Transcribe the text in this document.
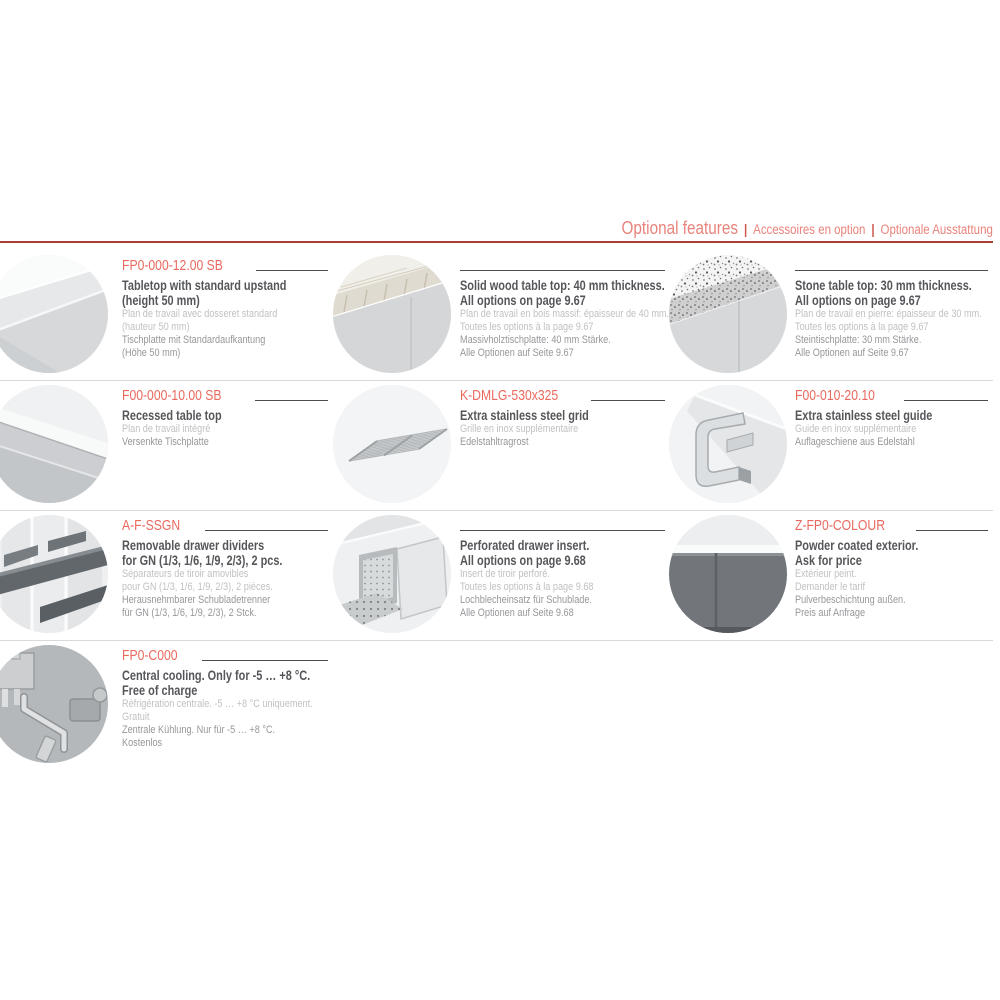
Optional features | Accessoires en option | Optionale Ausstattung
FP0-000-12.00 SB
Tabletop with standard upstand
(height 50 mm)
Plan de travail avec dosseret standard
(hauteur 50 mm)
Tischplatte mit Standardaufkantung
(Höhe 50 mm)
Solid wood table top: 40 mm thickness.
All options on page 9.67
Plan de travail en bois massif: épaisseur de 40 mm.
Toutes les options à la page 9.67
Massivholztischplatte: 40 mm Stärke.
Alle Optionen auf Seite 9.67
Stone table top: 30 mm thickness.
All options on page 9.67
Plan de travail en pierre: épaisseur de 30 mm.
Toutes les options à la page 9.67
Steintischplatte: 30 mm Stärke.
Alle Optionen auf Seite 9.67
F00-000-10.00 SB
Recessed table top
Plan de travail intégré
Versenkte Tischplatte
K-DMLG-530x325
Extra stainless steel grid
Grille en inox supplémentaire
Edelstahltragrost
F00-010-20.10
Extra stainless steel guide
Guide en inox supplémentaire
Auflageschiene aus Edelstahl
A-F-SSGN
Removable drawer dividers
for GN (1/3, 1/6, 1/9, 2/3), 2 pcs.
Séparateurs de tiroir amovibles
pour GN (1/3, 1/6, 1/9, 2/3), 2 pièces.
Herausnehmbarer Schubladetrenner
für GN (1/3, 1/6, 1/9, 2/3), 2 Stck.
Perforated drawer insert.
All options on page 9.68
Insert de tiroir perforé.
Toutes les options à la page 9.68
Lochblecheinsatz für Schublade.
Alle Optionen auf Seite 9.68
Z-FP0-COLOUR
Powder coated exterior.
Ask for price
Extérieur peint.
Demander le tarif
Pulverbeschichtung außen.
Preis auf Anfrage
FP0-C000
Central cooling. Only for -5 … +8 °C.
Free of charge
Réfrigération centrale. -5 … +8 °C uniquement.
Gratuit
Zentrale Kühlung. Nur für -5 … +8 °C.
Kostenlos
